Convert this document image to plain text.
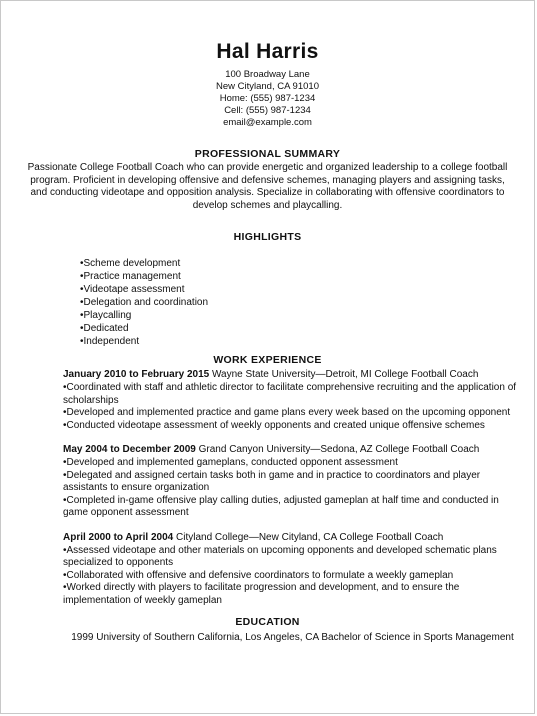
Hal Harris
100 Broadway Lane
New Cityland, CA 91010
Home: (555) 987-1234
Cell: (555) 987-1234
email@example.com
PROFESSIONAL SUMMARY
Passionate College Football Coach who can provide energetic and organized leadership to a college football program. Proficient in developing offensive and defensive schemes, managing players and assigning tasks, and conducting videotape and opposition analysis. Specialize in collaborating with offensive coordinators to develop schemes and playcalling.
HIGHLIGHTS
• Scheme development
• Practice management
• Videotape assessment
• Delegation and coordination
• Playcalling
• Dedicated
• Independent
WORK EXPERIENCE
January 2010 to February 2015 Wayne State University—Detroit, MI College Football Coach
• Coordinated with staff and athletic director to facilitate comprehensive recruiting and the application of scholarships
• Developed and implemented practice and game plans every week based on the upcoming opponent
• Conducted videotape assessment of weekly opponents and created unique offensive schemes
May 2004 to December 2009 Grand Canyon University—Sedona, AZ College Football Coach
• Developed and implemented gameplans, conducted opponent assessment
• Delegated and assigned certain tasks both in game and in practice to coordinators and player assistants to ensure organization
• Completed in-game offensive play calling duties, adjusted gameplan at half time and conducted in game opponent assessment
April 2000 to April 2004 Cityland College—New Cityland, CA College Football Coach
• Assessed videotape and other materials on upcoming opponents and developed schematic plans specialized to opponents
• Collaborated with offensive and defensive coordinators to formulate a weekly gameplan
• Worked directly with players to facilitate progression and development, and to ensure the implementation of weekly gameplan
EDUCATION
1999 University of Southern California, Los Angeles, CA Bachelor of Science in Sports Management
